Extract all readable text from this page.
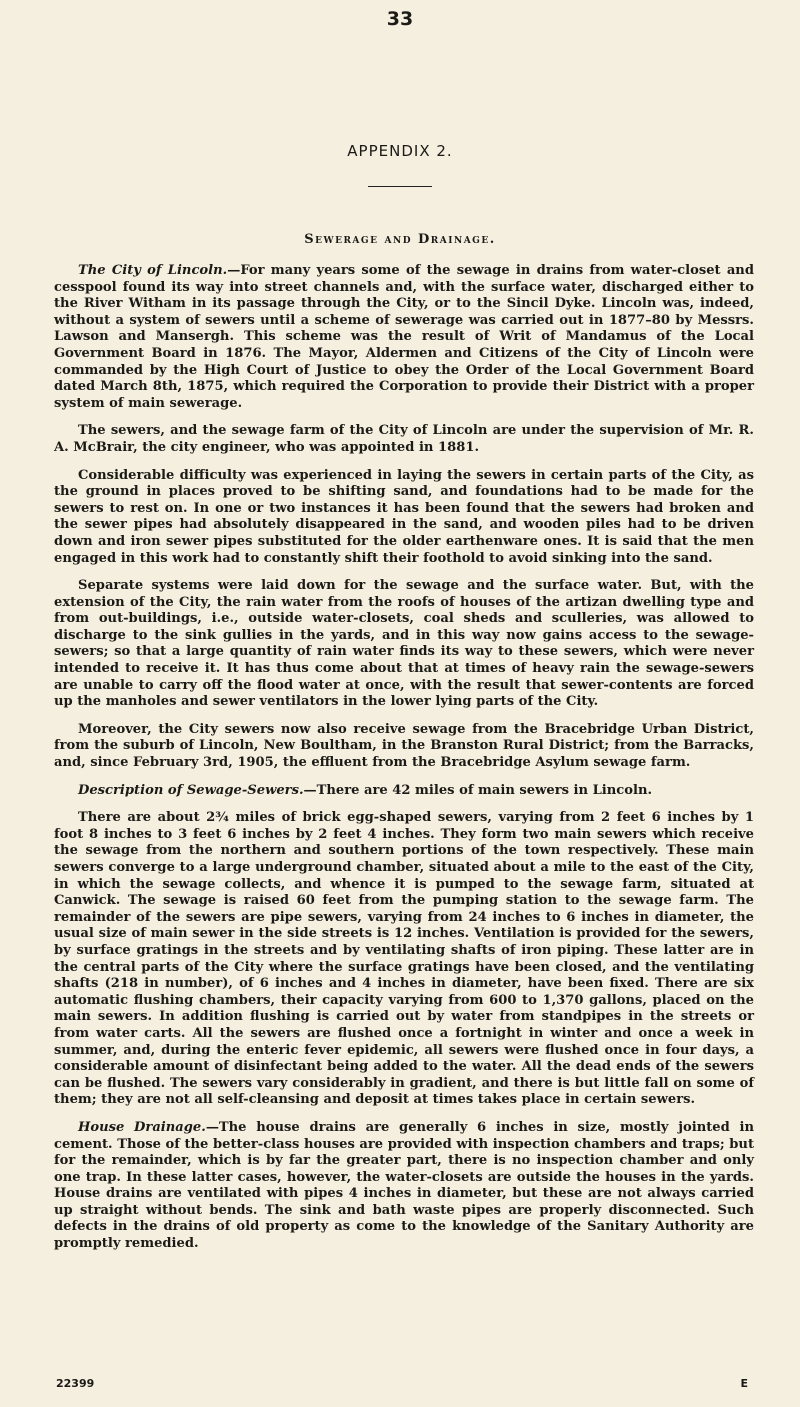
33
APPENDIX 2.
Sewerage and Drainage.

The City of Lincoln.—For many years some of the sewage in drains from water-closet and cesspool found its way into street channels and, with the surface water, discharged either to the River Witham in its passage through the City, or to the Sincil Dyke. Lincoln was, indeed, without a system of sewers until a scheme of sewerage was carried out in 1877–80 by Messrs. Lawson and Mansergh. This scheme was the result of Writ of Mandamus of the Local Government Board in 1876. The Mayor, Aldermen and Citizens of the City of Lincoln were commanded by the High Court of Justice to obey the Order of the Local Government Board dated March 8th, 1875, which required the Corporation to provide their District with a proper system of main sewerage.

The sewers, and the sewage farm of the City of Lincoln are under the supervision of Mr. R. A. McBrair, the city engineer, who was appointed in 1881.

Considerable difficulty was experienced in laying the sewers in certain parts of the City, as the ground in places proved to be shifting sand, and foundations had to be made for the sewers to rest on. In one or two instances it has been found that the sewers had broken and the sewer pipes had absolutely disappeared in the sand, and wooden piles had to be driven down and iron sewer pipes substituted for the older earthenware ones. It is said that the men engaged in this work had to constantly shift their foothold to avoid sinking into the sand.

Separate systems were laid down for the sewage and the surface water. But, with the extension of the City, the rain water from the roofs of houses of the artizan dwelling type and from out-buildings, i.e., outside water-closets, coal sheds and sculleries, was allowed to discharge to the sink gullies in the yards, and in this way now gains access to the sewage-sewers; so that a large quantity of rain water finds its way to these sewers, which were never intended to receive it. It has thus come about that at times of heavy rain the sewage-sewers are unable to carry off the flood water at once, with the result that sewer-contents are forced up the manholes and sewer ventilators in the lower lying parts of the City.

Moreover, the City sewers now also receive sewage from the Bracebridge Urban District, from the suburb of Lincoln, New Boultham, in the Branston Rural District; from the Barracks, and, since February 3rd, 1905, the effluent from the Bracebridge Asylum sewage farm.

Description of Sewage-Sewers.—There are 42 miles of main sewers in Lincoln.

There are about 2¾ miles of brick egg-shaped sewers, varying from 2 feet 6 inches by 1 foot 8 inches to 3 feet 6 inches by 2 feet 4 inches. They form two main sewers which receive the sewage from the northern and southern portions of the town respectively. These main sewers converge to a large underground chamber, situated about a mile to the east of the City, in which the sewage collects, and whence it is pumped to the sewage farm, situated at Canwick. The sewage is raised 60 feet from the pumping station to the sewage farm. The remainder of the sewers are pipe sewers, varying from 24 inches to 6 inches in diameter, the usual size of main sewer in the side streets is 12 inches. Ventilation is provided for the sewers, by surface gratings in the streets and by ventilating shafts of iron piping. These latter are in the central parts of the City where the surface gratings have been closed, and the ventilating shafts (218 in number), of 6 inches and 4 inches in diameter, have been fixed. There are six automatic flushing chambers, their capacity varying from 600 to 1,370 gallons, placed on the main sewers. In addition flushing is carried out by water from standpipes in the streets or from water carts. All the sewers are flushed once a fortnight in winter and once a week in summer, and, during the enteric fever epidemic, all sewers were flushed once in four days, a considerable amount of disinfectant being added to the water. All the dead ends of the sewers can be flushed. The sewers vary considerably in gradient, and there is but little fall on some of them; they are not all self-cleansing and deposit at times takes place in certain sewers.

House Drainage.—The house drains are generally 6 inches in size, mostly jointed in cement. Those of the better-class houses are provided with inspection chambers and traps; but for the remainder, which is by far the greater part, there is no inspection chamber and only one trap. In these latter cases, however, the water-closets are outside the houses in the yards. House drains are ventilated with pipes 4 inches in diameter, but these are not always carried up straight without bends. The sink and bath waste pipes are properly disconnected. Such defects in the drains of old property as come to the knowledge of the Sanitary Authority are promptly remedied.

22399	E
